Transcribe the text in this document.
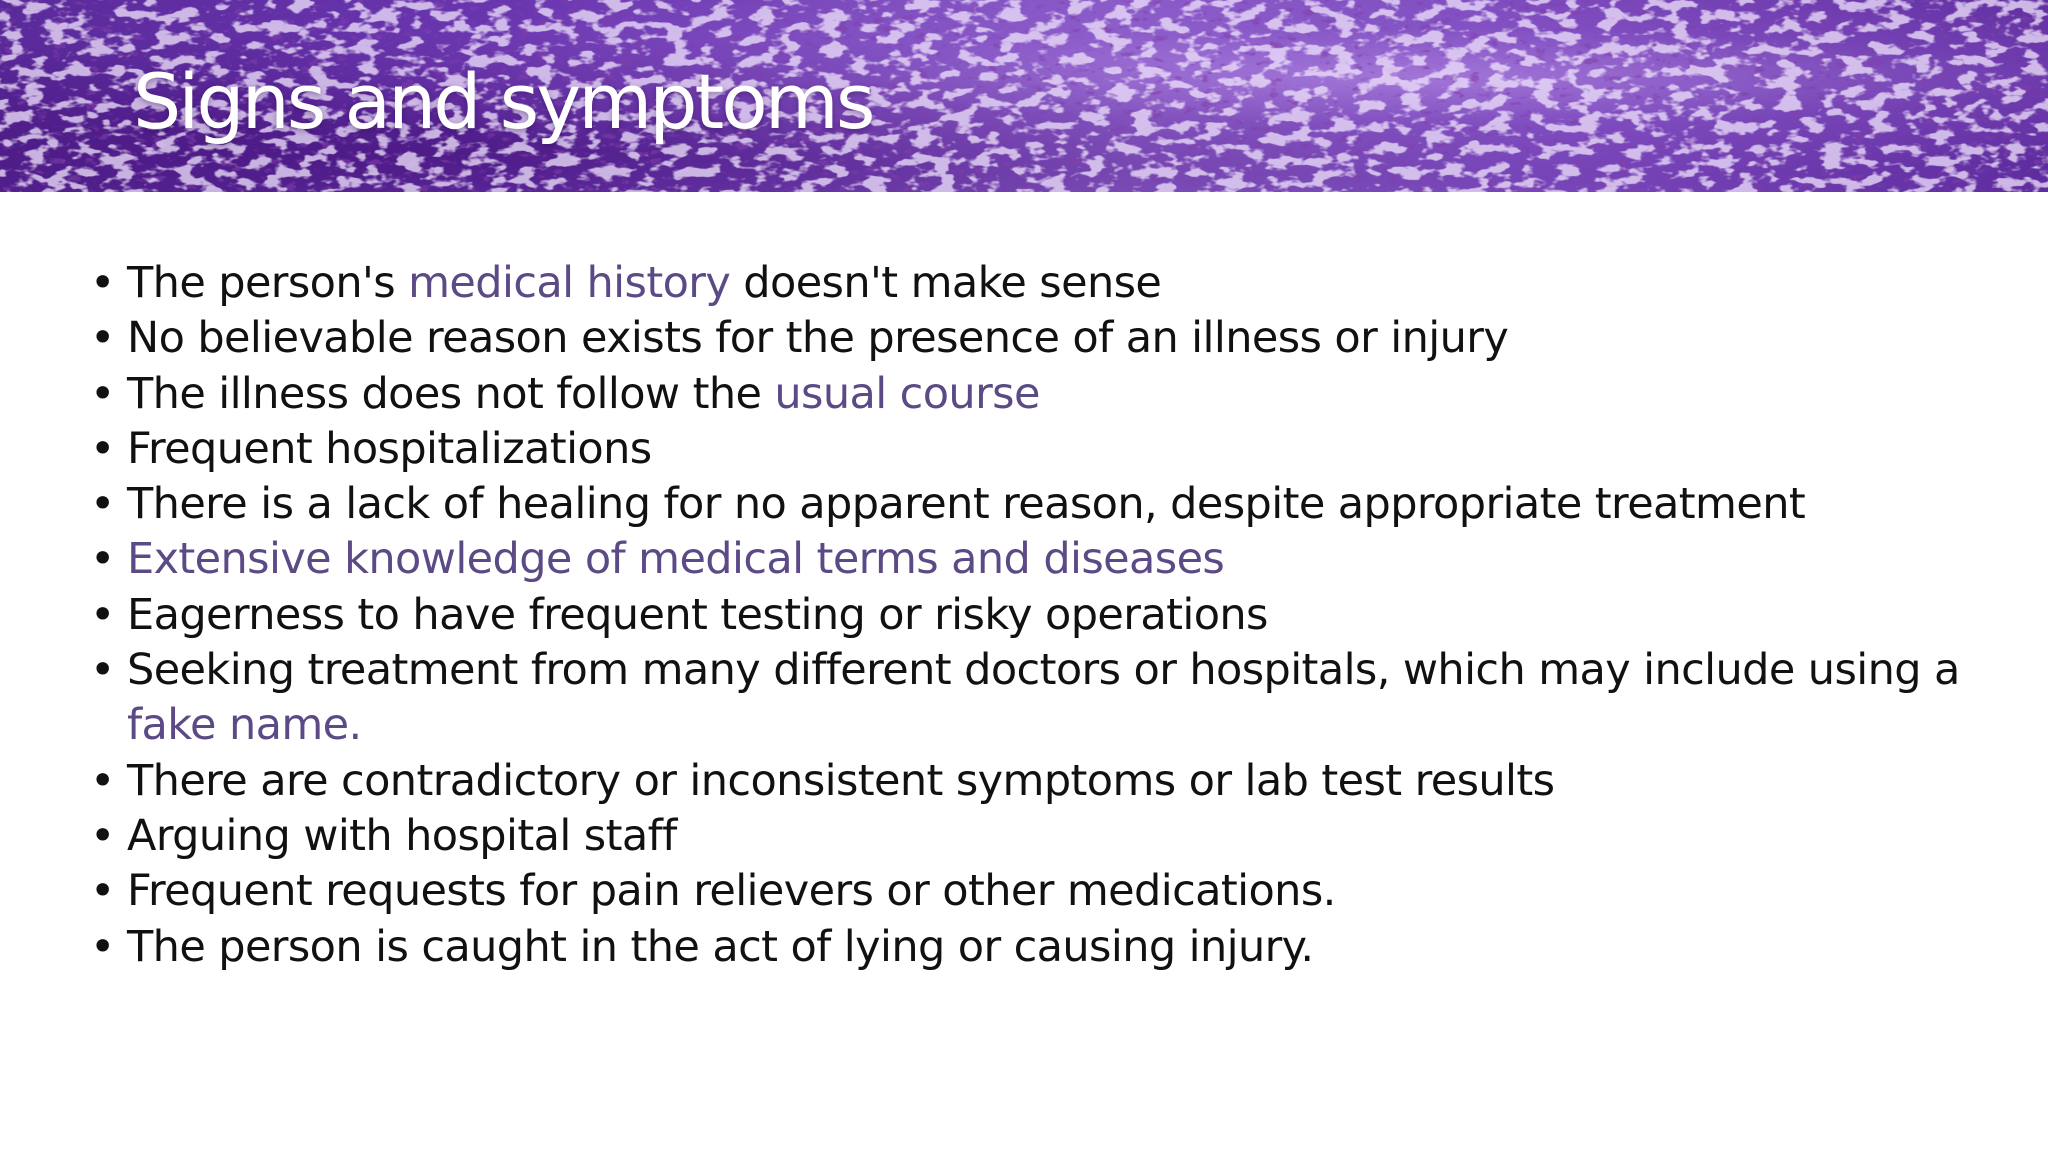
Signs and symptoms
• The person's medical history doesn't make sense
• No believable reason exists for the presence of an illness or injury
• The illness does not follow the usual course
• Frequent hospitalizations
• There is a lack of healing for no apparent reason, despite appropriate treatment
• Extensive knowledge of medical terms and diseases
• Eagerness to have frequent testing or risky operations
• Seeking treatment from many different doctors or hospitals, which may include using a fake name.
• There are contradictory or inconsistent symptoms or lab test results
• Arguing with hospital staff
• Frequent requests for pain relievers or other medications.
• The person is caught in the act of lying or causing injury.
